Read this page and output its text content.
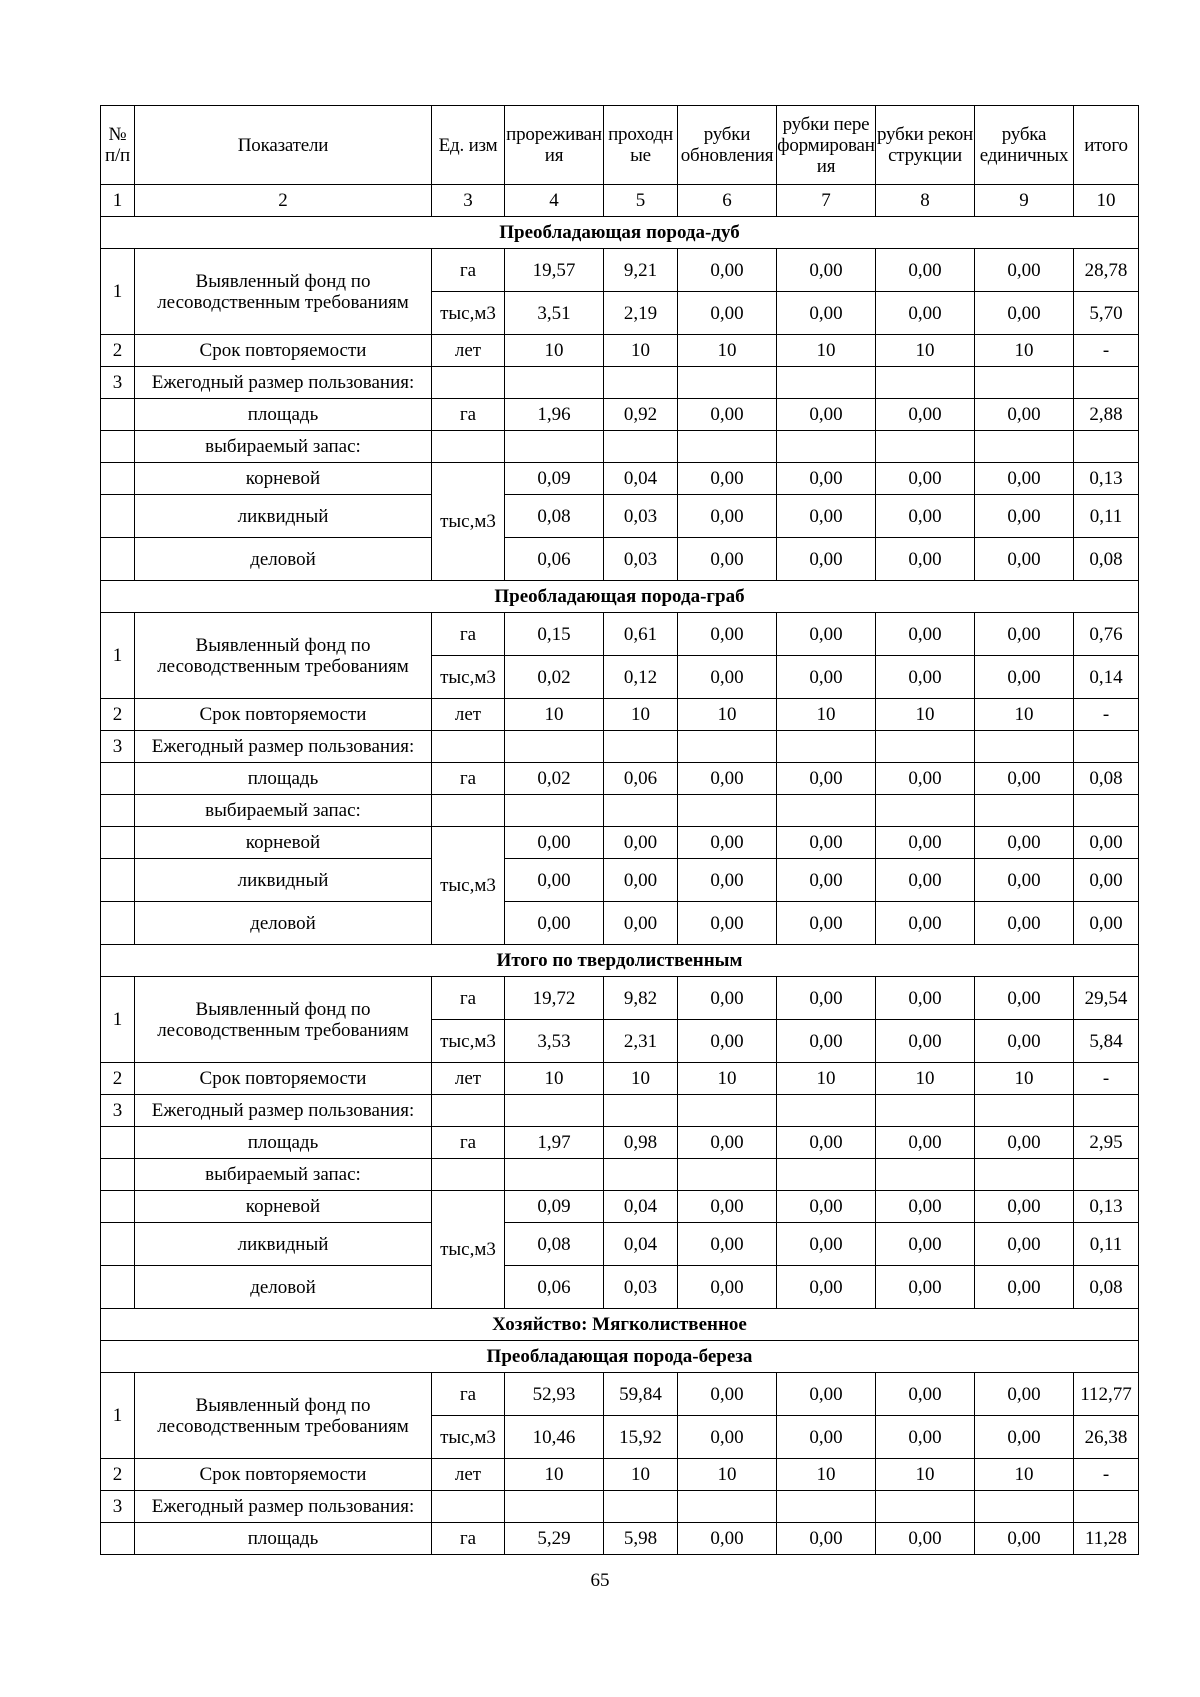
№ п/п	Показатели	Ед. изм	прореживания	проходные	рубки обновления	рубки переформирования	рубки реконструкции	рубка единичных	итого
1	2	3	4	5	6	7	8	9	10
Преобладающая порода-дуб									
1	Выявленный фонд по лесоводственным требованиям	га	19,57	9,21	0,00	0,00	0,00	0,00	28,78
		тыс,м3	3,51	2,19	0,00	0,00	0,00	0,00	5,70
2	Срок повторяемости	лет	10	10	10	10	10	10	-
3	Ежегодный размер пользования:								
	площадь	га	1,96	0,92	0,00	0,00	0,00	0,00	2,88
	выбираемый запас:								
	корневой	тыс,м3	0,09	0,04	0,00	0,00	0,00	0,00	0,13
	ликвидный		0,08	0,03	0,00	0,00	0,00	0,00	0,11
	деловой		0,06	0,03	0,00	0,00	0,00	0,00	0,08
Преобладающая порода-граб									
1	Выявленный фонд по лесоводственным требованиям	га	0,15	0,61	0,00	0,00	0,00	0,00	0,76
		тыс,м3	0,02	0,12	0,00	0,00	0,00	0,00	0,14
2	Срок повторяемости	лет	10	10	10	10	10	10	-
3	Ежегодный размер пользования:								
	площадь	га	0,02	0,06	0,00	0,00	0,00	0,00	0,08
	выбираемый запас:								
	корневой	тыс,м3	0,00	0,00	0,00	0,00	0,00	0,00	0,00
	ликвидный		0,00	0,00	0,00	0,00	0,00	0,00	0,00
	деловой		0,00	0,00	0,00	0,00	0,00	0,00	0,00
Итого по твердолиственным									
1	Выявленный фонд по лесоводственным требованиям	га	19,72	9,82	0,00	0,00	0,00	0,00	29,54
		тыс,м3	3,53	2,31	0,00	0,00	0,00	0,00	5,84
2	Срок повторяемости	лет	10	10	10	10	10	10	-
3	Ежегодный размер пользования:								
	площадь	га	1,97	0,98	0,00	0,00	0,00	0,00	2,95
	выбираемый запас:								
	корневой	тыс,м3	0,09	0,04	0,00	0,00	0,00	0,00	0,13
	ликвидный		0,08	0,04	0,00	0,00	0,00	0,00	0,11
	деловой		0,06	0,03	0,00	0,00	0,00	0,00	0,08
Хозяйство: Мягколиственное									
Преобладающая порода-береза									
1	Выявленный фонд по лесоводственным требованиям	га	52,93	59,84	0,00	0,00	0,00	0,00	112,77
		тыс,м3	10,46	15,92	0,00	0,00	0,00	0,00	26,38
2	Срок повторяемости	лет	10	10	10	10	10	10	-
3	Ежегодный размер пользования:								
	площадь	га	5,29	5,98	0,00	0,00	0,00	0,00	11,28
65
